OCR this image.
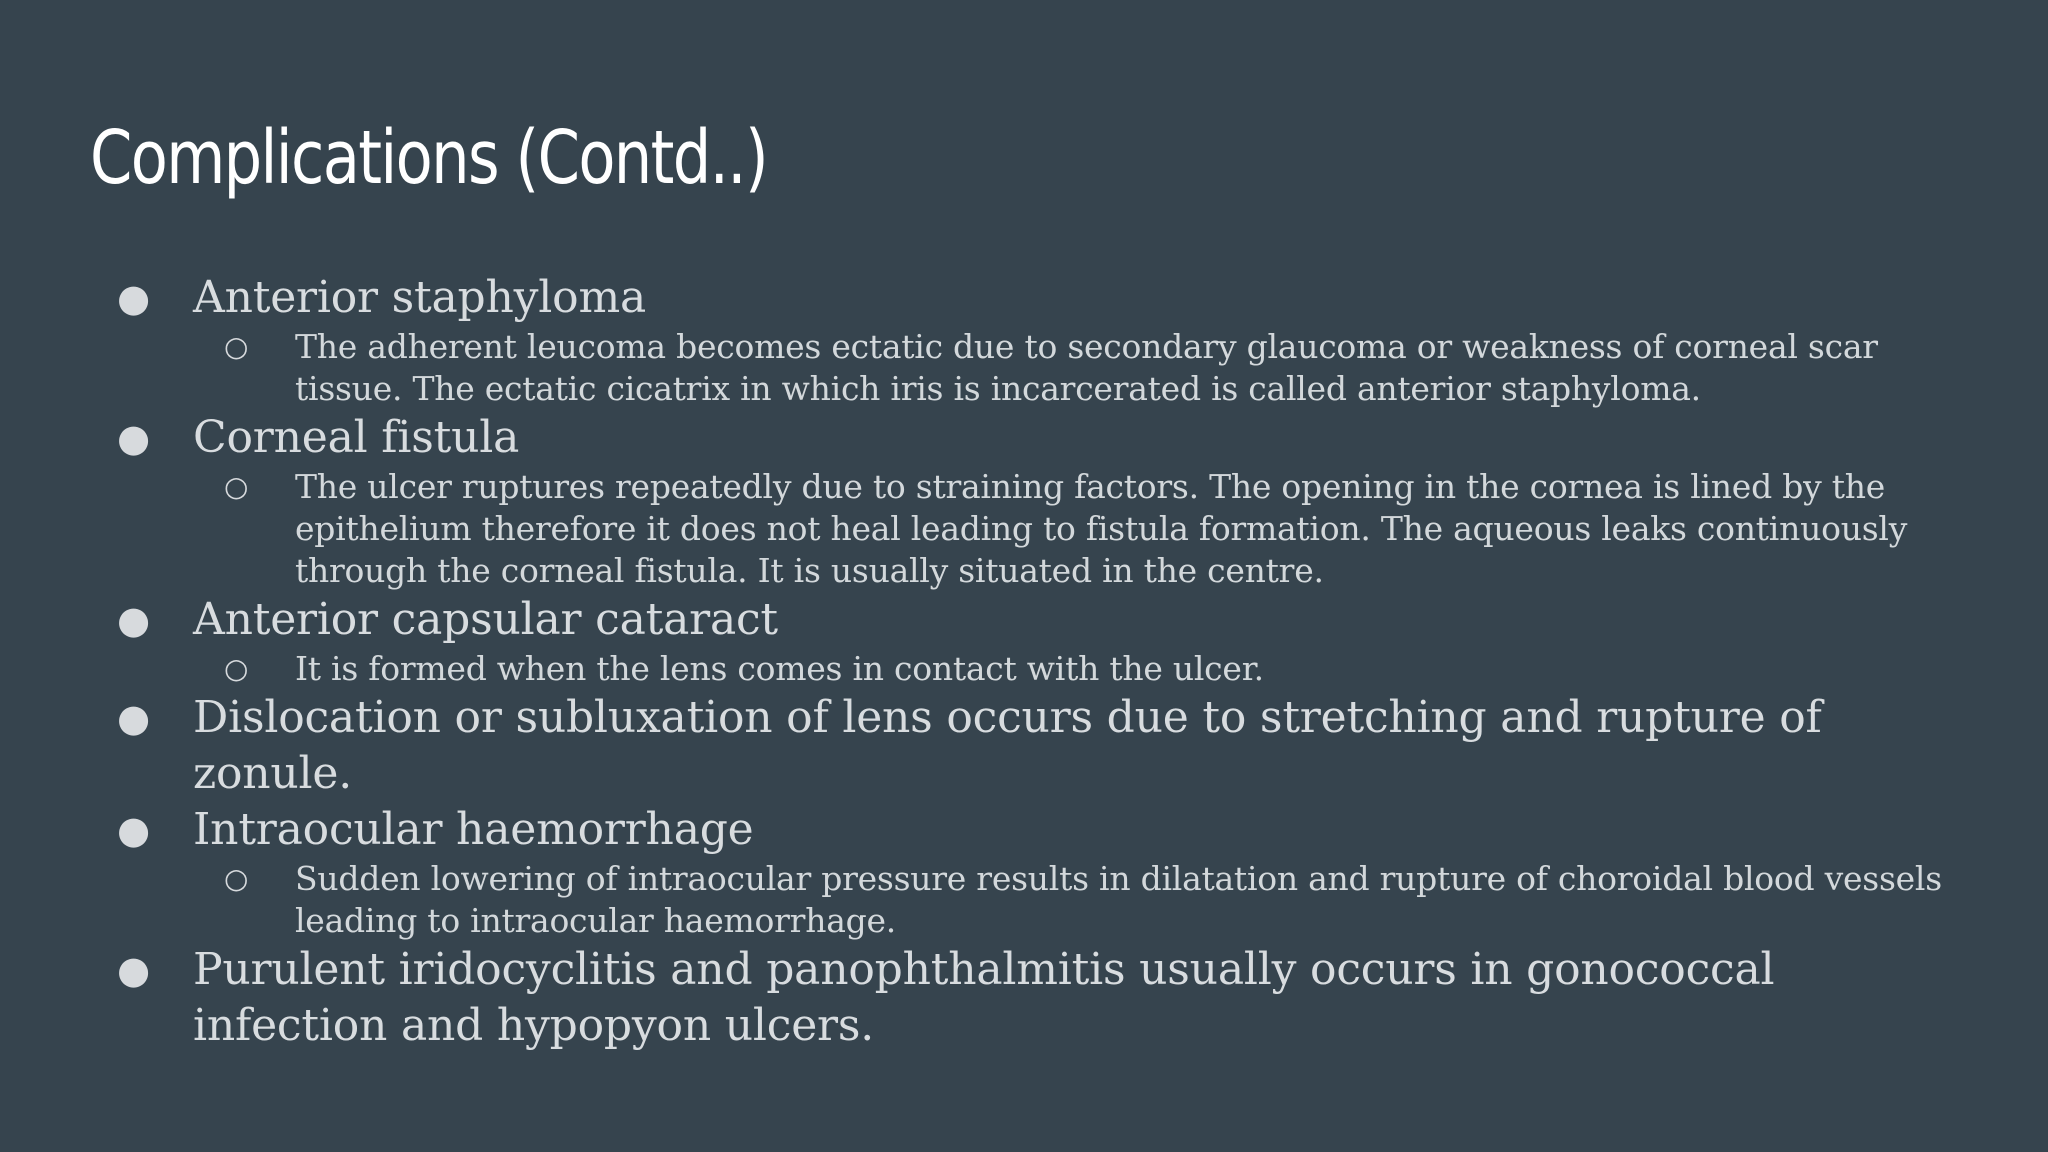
Complications (Contd..)
● Anterior staphyloma
○ The adherent leucoma becomes ectatic due to secondary glaucoma or weakness of corneal scar tissue. The ectatic cicatrix in which iris is incarcerated is called anterior staphyloma.
● Corneal fistula
○ The ulcer ruptures repeatedly due to straining factors. The opening in the cornea is lined by the epithelium therefore it does not heal leading to fistula formation. The aqueous leaks continuously through the corneal fistula. It is usually situated in the centre.
● Anterior capsular cataract
○ It is formed when the lens comes in contact with the ulcer.
● Dislocation or subluxation of lens occurs due to stretching and rupture of zonule.
● Intraocular haemorrhage
○ Sudden lowering of intraocular pressure results in dilatation and rupture of choroidal blood vessels leading to intraocular haemorrhage.
● Purulent iridocyclitis and panophthalmitis usually occurs in gonococcal infection and hypopyon ulcers.
